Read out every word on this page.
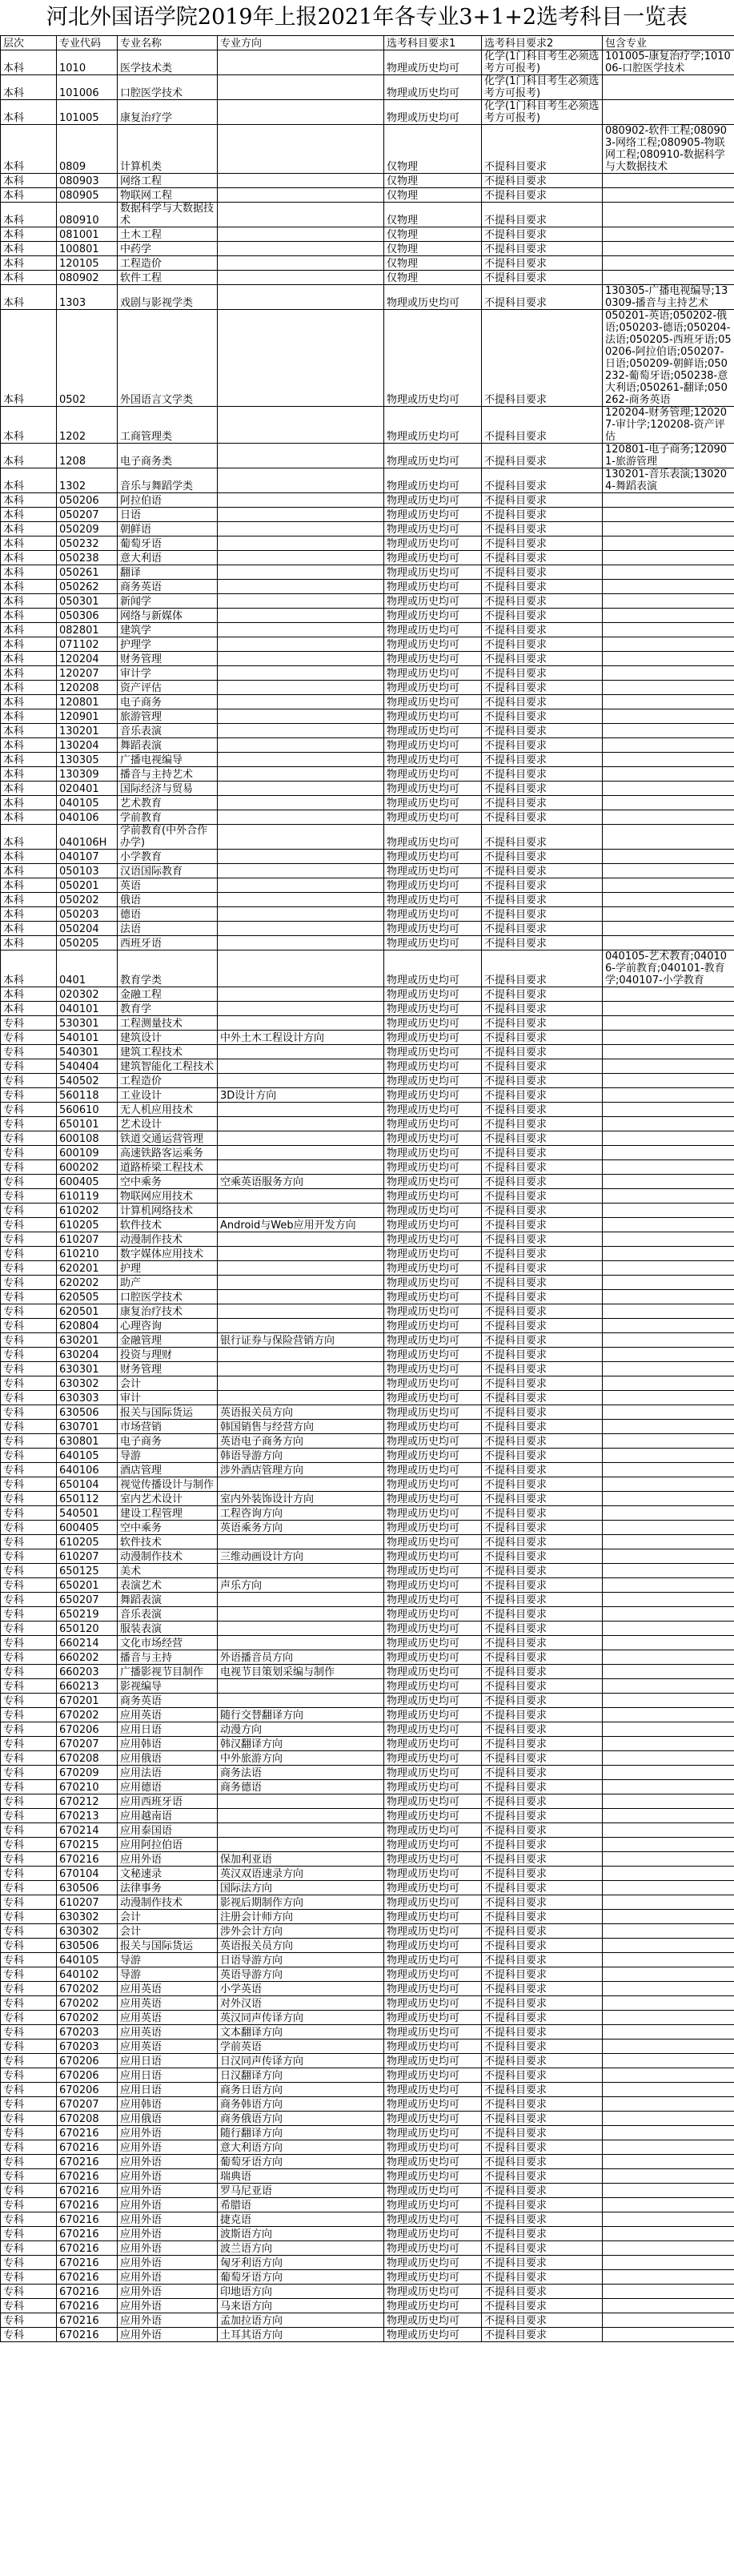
河北外国语学院2019年上报2021年各专业3+1+2选考科目一览表
层次	专业代码	专业名称	专业方向	选考科目要求1	选考科目要求2	包含专业
本科	1010	医学技术类		物理或历史均可	化学(1门科目考生必须选考方可报考)	101005-康复治疗学;101006-口腔医学技术
本科	101006	口腔医学技术		物理或历史均可	化学(1门科目考生必须选考方可报考)	
本科	101005	康复治疗学		物理或历史均可	化学(1门科目考生必须选考方可报考)	
本科	0809	计算机类		仅物理	不提科目要求	080902-软件工程;080903-网络工程;080905-物联网工程;080910-数据科学与大数据技术
本科	080903	网络工程		仅物理	不提科目要求	
本科	080905	物联网工程		仅物理	不提科目要求	
本科	080910	数据科学与大数据技术		仅物理	不提科目要求	
本科	081001	土木工程		仅物理	不提科目要求	
本科	100801	中药学		仅物理	不提科目要求	
本科	120105	工程造价		仅物理	不提科目要求	
本科	080902	软件工程		仅物理	不提科目要求	
本科	1303	戏剧与影视学类		物理或历史均可	不提科目要求	130305-广播电视编导;130309-播音与主持艺术
本科	0502	外国语言文学类		物理或历史均可	不提科目要求	050201-英语;050202-俄语;050203-德语;050204-法语;050205-西班牙语;050206-阿拉伯语;050207-日语;050209-朝鲜语;050232-葡萄牙语;050238-意大利语;050261-翻译;050262-商务英语
本科	1202	工商管理类		物理或历史均可	不提科目要求	120204-财务管理;120207-审计学;120208-资产评估
本科	1208	电子商务类		物理或历史均可	不提科目要求	120801-电子商务;120901-旅游管理
本科	1302	音乐与舞蹈学类		物理或历史均可	不提科目要求	130201-音乐表演;130204-舞蹈表演
本科	050206	阿拉伯语		物理或历史均可	不提科目要求	
本科	050207	日语		物理或历史均可	不提科目要求	
本科	050209	朝鲜语		物理或历史均可	不提科目要求	
本科	050232	葡萄牙语		物理或历史均可	不提科目要求	
本科	050238	意大利语		物理或历史均可	不提科目要求	
本科	050261	翻译		物理或历史均可	不提科目要求	
本科	050262	商务英语		物理或历史均可	不提科目要求	
本科	050301	新闻学		物理或历史均可	不提科目要求	
本科	050306	网络与新媒体		物理或历史均可	不提科目要求	
本科	082801	建筑学		物理或历史均可	不提科目要求	
本科	071102	护理学		物理或历史均可	不提科目要求	
本科	120204	财务管理		物理或历史均可	不提科目要求	
本科	120207	审计学		物理或历史均可	不提科目要求	
本科	120208	资产评估		物理或历史均可	不提科目要求	
本科	120801	电子商务		物理或历史均可	不提科目要求	
本科	120901	旅游管理		物理或历史均可	不提科目要求	
本科	130201	音乐表演		物理或历史均可	不提科目要求	
本科	130204	舞蹈表演		物理或历史均可	不提科目要求	
本科	130305	广播电视编导		物理或历史均可	不提科目要求	
本科	130309	播音与主持艺术		物理或历史均可	不提科目要求	
本科	020401	国际经济与贸易		物理或历史均可	不提科目要求	
本科	040105	艺术教育		物理或历史均可	不提科目要求	
本科	040106	学前教育		物理或历史均可	不提科目要求	
本科	040106H	学前教育(中外合作办学)		物理或历史均可	不提科目要求	
本科	040107	小学教育		物理或历史均可	不提科目要求	
本科	050103	汉语国际教育		物理或历史均可	不提科目要求	
本科	050201	英语		物理或历史均可	不提科目要求	
本科	050202	俄语		物理或历史均可	不提科目要求	
本科	050203	德语		物理或历史均可	不提科目要求	
本科	050204	法语		物理或历史均可	不提科目要求	
本科	050205	西班牙语		物理或历史均可	不提科目要求	
本科	0401	教育学类		物理或历史均可	不提科目要求	040105-艺术教育;040106-学前教育;040101-教育学;040107-小学教育
本科	020302	金融工程		物理或历史均可	不提科目要求	
本科	040101	教育学		物理或历史均可	不提科目要求	
专科	530301	工程测量技术		物理或历史均可	不提科目要求	
专科	540101	建筑设计	中外土木工程设计方向	物理或历史均可	不提科目要求	
专科	540301	建筑工程技术		物理或历史均可	不提科目要求	
专科	540404	建筑智能化工程技术		物理或历史均可	不提科目要求	
专科	540502	工程造价		物理或历史均可	不提科目要求	
专科	560118	工业设计	3D设计方向	物理或历史均可	不提科目要求	
专科	560610	无人机应用技术		物理或历史均可	不提科目要求	
专科	650101	艺术设计		物理或历史均可	不提科目要求	
专科	600108	铁道交通运营管理		物理或历史均可	不提科目要求	
专科	600109	高速铁路客运乘务		物理或历史均可	不提科目要求	
专科	600202	道路桥梁工程技术		物理或历史均可	不提科目要求	
专科	600405	空中乘务	空乘英语服务方向	物理或历史均可	不提科目要求	
专科	610119	物联网应用技术		物理或历史均可	不提科目要求	
专科	610202	计算机网络技术		物理或历史均可	不提科目要求	
专科	610205	软件技术	Android与Web应用开发方向	物理或历史均可	不提科目要求	
专科	610207	动漫制作技术		物理或历史均可	不提科目要求	
专科	610210	数字媒体应用技术		物理或历史均可	不提科目要求	
专科	620201	护理		物理或历史均可	不提科目要求	
专科	620202	助产		物理或历史均可	不提科目要求	
专科	620505	口腔医学技术		物理或历史均可	不提科目要求	
专科	620501	康复治疗技术		物理或历史均可	不提科目要求	
专科	620804	心理咨询		物理或历史均可	不提科目要求	
专科	630201	金融管理	银行证券与保险营销方向	物理或历史均可	不提科目要求	
专科	630204	投资与理财		物理或历史均可	不提科目要求	
专科	630301	财务管理		物理或历史均可	不提科目要求	
专科	630302	会计		物理或历史均可	不提科目要求	
专科	630303	审计		物理或历史均可	不提科目要求	
专科	630506	报关与国际货运	英语报关员方向	物理或历史均可	不提科目要求	
专科	630701	市场营销	韩国销售与经营方向	物理或历史均可	不提科目要求	
专科	630801	电子商务	英语电子商务方向	物理或历史均可	不提科目要求	
专科	640105	导游	韩语导游方向	物理或历史均可	不提科目要求	
专科	640106	酒店管理	涉外酒店管理方向	物理或历史均可	不提科目要求	
专科	650104	视觉传播设计与制作		物理或历史均可	不提科目要求	
专科	650112	室内艺术设计	室内外装饰设计方向	物理或历史均可	不提科目要求	
专科	540501	建设工程管理	工程咨询方向	物理或历史均可	不提科目要求	
专科	600405	空中乘务	英语乘务方向	物理或历史均可	不提科目要求	
专科	610205	软件技术		物理或历史均可	不提科目要求	
专科	610207	动漫制作技术	三维动画设计方向	物理或历史均可	不提科目要求	
专科	650125	美术		物理或历史均可	不提科目要求	
专科	650201	表演艺术	声乐方向	物理或历史均可	不提科目要求	
专科	650207	舞蹈表演		物理或历史均可	不提科目要求	
专科	650219	音乐表演		物理或历史均可	不提科目要求	
专科	650120	服装表演		物理或历史均可	不提科目要求	
专科	660214	文化市场经营		物理或历史均可	不提科目要求	
专科	660202	播音与主持	外语播音员方向	物理或历史均可	不提科目要求	
专科	660203	广播影视节目制作	电视节目策划采编与制作	物理或历史均可	不提科目要求	
专科	660213	影视编导		物理或历史均可	不提科目要求	
专科	670201	商务英语		物理或历史均可	不提科目要求	
专科	670202	应用英语	随行交替翻译方向	物理或历史均可	不提科目要求	
专科	670206	应用日语	动漫方向	物理或历史均可	不提科目要求	
专科	670207	应用韩语	韩汉翻译方向	物理或历史均可	不提科目要求	
专科	670208	应用俄语	中外旅游方向	物理或历史均可	不提科目要求	
专科	670209	应用法语	商务法语	物理或历史均可	不提科目要求	
专科	670210	应用德语	商务德语	物理或历史均可	不提科目要求	
专科	670212	应用西班牙语		物理或历史均可	不提科目要求	
专科	670213	应用越南语		物理或历史均可	不提科目要求	
专科	670214	应用泰国语		物理或历史均可	不提科目要求	
专科	670215	应用阿拉伯语		物理或历史均可	不提科目要求	
专科	670216	应用外语	保加利亚语	物理或历史均可	不提科目要求	
专科	670104	文秘速录	英汉双语速录方向	物理或历史均可	不提科目要求	
专科	630506	法律事务	国际法方向	物理或历史均可	不提科目要求	
专科	610207	动漫制作技术	影视后期制作方向	物理或历史均可	不提科目要求	
专科	630302	会计	注册会计师方向	物理或历史均可	不提科目要求	
专科	630302	会计	涉外会计方向	物理或历史均可	不提科目要求	
专科	630506	报关与国际货运	英语报关员方向	物理或历史均可	不提科目要求	
专科	640105	导游	日语导游方向	物理或历史均可	不提科目要求	
专科	640102	导游	英语导游方向	物理或历史均可	不提科目要求	
专科	670202	应用英语	小学英语	物理或历史均可	不提科目要求	
专科	670202	应用英语	对外汉语	物理或历史均可	不提科目要求	
专科	670202	应用英语	英汉同声传译方向	物理或历史均可	不提科目要求	
专科	670203	应用英语	文本翻译方向	物理或历史均可	不提科目要求	
专科	670203	应用英语	学前英语	物理或历史均可	不提科目要求	
专科	670206	应用日语	日汉同声传译方向	物理或历史均可	不提科目要求	
专科	670206	应用日语	日汉翻译方向	物理或历史均可	不提科目要求	
专科	670206	应用日语	商务日语方向	物理或历史均可	不提科目要求	
专科	670207	应用韩语	商务韩语方向	物理或历史均可	不提科目要求	
专科	670208	应用俄语	商务俄语方向	物理或历史均可	不提科目要求	
专科	670216	应用外语	随行翻译方向	物理或历史均可	不提科目要求	
专科	670216	应用外语	意大利语方向	物理或历史均可	不提科目要求	
专科	670216	应用外语	葡萄牙语方向	物理或历史均可	不提科目要求	
专科	670216	应用外语	瑞典语	物理或历史均可	不提科目要求	
专科	670216	应用外语	罗马尼亚语	物理或历史均可	不提科目要求	
专科	670216	应用外语	希腊语	物理或历史均可	不提科目要求	
专科	670216	应用外语	捷克语	物理或历史均可	不提科目要求	
专科	670216	应用外语	波斯语方向	物理或历史均可	不提科目要求	
专科	670216	应用外语	波兰语方向	物理或历史均可	不提科目要求	
专科	670216	应用外语	匈牙利语方向	物理或历史均可	不提科目要求	
专科	670216	应用外语	葡萄牙语方向	物理或历史均可	不提科目要求	
专科	670216	应用外语	印地语方向	物理或历史均可	不提科目要求	
专科	670216	应用外语	马来语方向	物理或历史均可	不提科目要求	
专科	670216	应用外语	孟加拉语方向	物理或历史均可	不提科目要求	
专科	670216	应用外语	土耳其语方向	物理或历史均可	不提科目要求	
